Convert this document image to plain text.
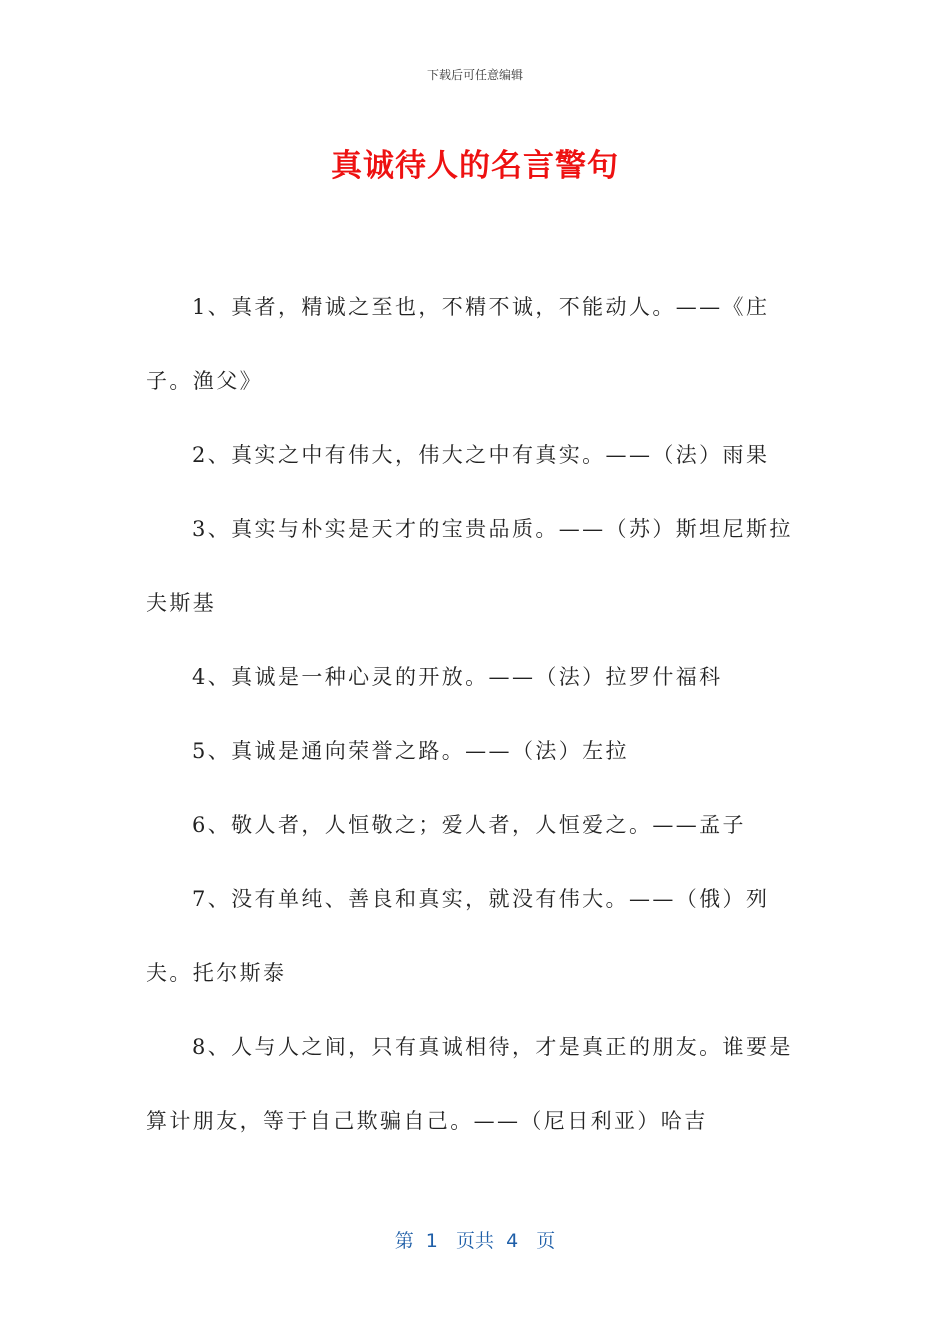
下载后可任意编辑
真诚待人的名言警句

1、真者，精诚之至也，不精不诚，不能动人。——《庄子。渔父》

2、真实之中有伟大，伟大之中有真实。——（法）雨果

3、真实与朴实是天才的宝贵品质。——（苏）斯坦尼斯拉夫斯基

4、真诚是一种心灵的开放。——（法）拉罗什福科

5、真诚是通向荣誉之路。——（法）左拉

6、敬人者，人恒敬之；爱人者，人恒爱之。——孟子

7、没有单纯、善良和真实，就没有伟大。——（俄）列夫。托尔斯泰

8、人与人之间，只有真诚相待，才是真正的朋友。谁要是算计朋友，等于自己欺骗自己。——（尼日利亚）哈吉

第  1   页共  4   页
